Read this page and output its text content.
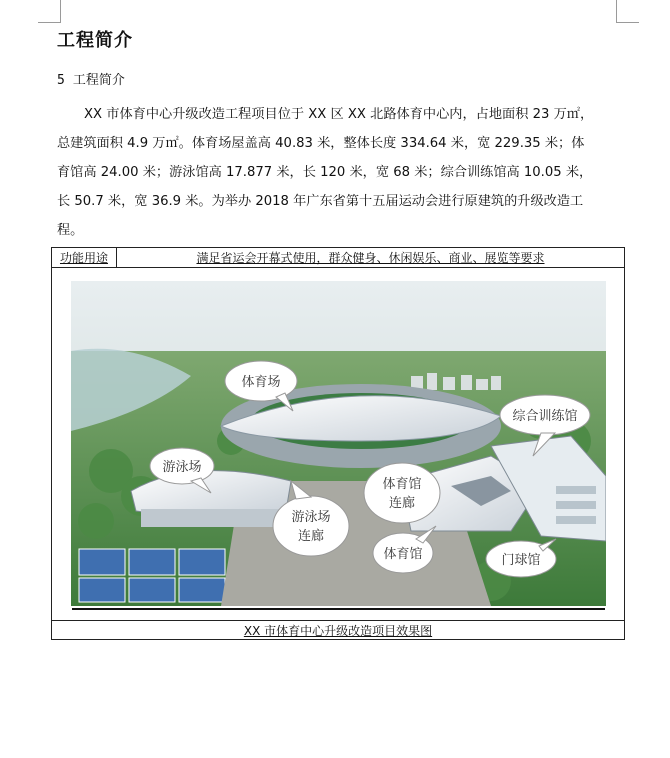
工程简介
5 工程简介
XX 市体育中心升级改造工程项目位于 XX 区 XX 北路体育中心内，占地面积 23 万㎡，
总建筑面积 4.9 万㎡。体育场屋盖高 40.83 米，整体长度 334.64 米，宽 229.35 米；体
育馆高 24.00 米；游泳馆高 17.877 米，长 120 米，宽 68 米；综合训练馆高 10.05 米，
长 50.7 米，宽 36.9 米。为举办 2018 年广东省第十五届运动会进行原建筑的升级改造工
程。
功能用途	满足省运会开幕式使用，群众健身、休闲娱乐、商业、展览等要求

体育场
综合训练馆
游泳场
体育馆
连廊
游泳场
连廊
体育馆	门球馆

XX 市体育中心升级改造项目效果图
